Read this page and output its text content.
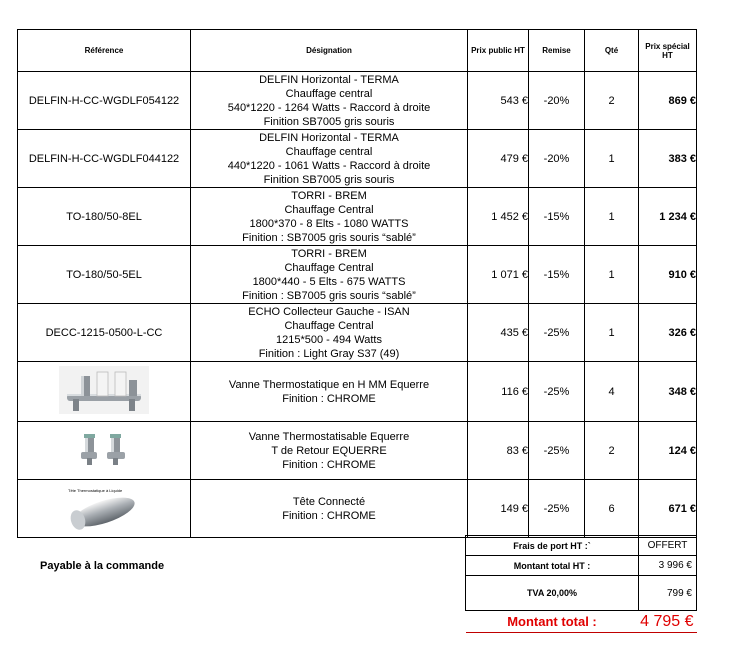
Référence	Désignation	Prix public HT	Remise	Qté	Prix spécial
HT
DELFIN-H-CC-WGDLF054122	DELFIN Horizontal - TERMA
Chauffage central
540*1220 - 1264 Watts - Raccord à droite
Finition SB7005 gris souris	543 €	-20%	2	869 €
DELFIN-H-CC-WGDLF044122	DELFIN Horizontal - TERMA
Chauffage central
440*1220 - 1061 Watts - Raccord à droite
Finition SB7005 gris souris	479 €	-20%	1	383 €
TO-180/50-8EL	TORRI - BREM
Chauffage Central
1800*370 - 8 Elts - 1080 WATTS
Finition : SB7005 gris souris “sablé”	1 452 €	-15%	1	1 234 €
TO-180/50-5EL	TORRI - BREM
Chauffage Central
1800*440 - 5 Elts - 675 WATTS
Finition : SB7005 gris souris “sablé”	1 071 €	-15%	1	910 €
DECC-1215-0500-L-CC	ECHO Collecteur Gauche - ISAN
Chauffage Central
1215*500 - 494 Watts
Finition : Light Gray S37 (49)	435 €	-25%	1	326 €

Vanne Thermostatique en H MM Equerre
Finition : CHROME	116 €	-25%	4	348 €

Vanne Thermostatisable Equerre
T de Retour EQUERRE
Finition : CHROME	83 €	-25%	2	124 €

Tête Thermostatique à Liquide	Tête Connecté
Finition : CHROME	149 €	-25%	6	671 €
Payable à la commande
Frais de port HT :`	OFFERT
Montant total HT :	3 996 €
TVA 20,00%	799 €
Montant total :	4 795 €
